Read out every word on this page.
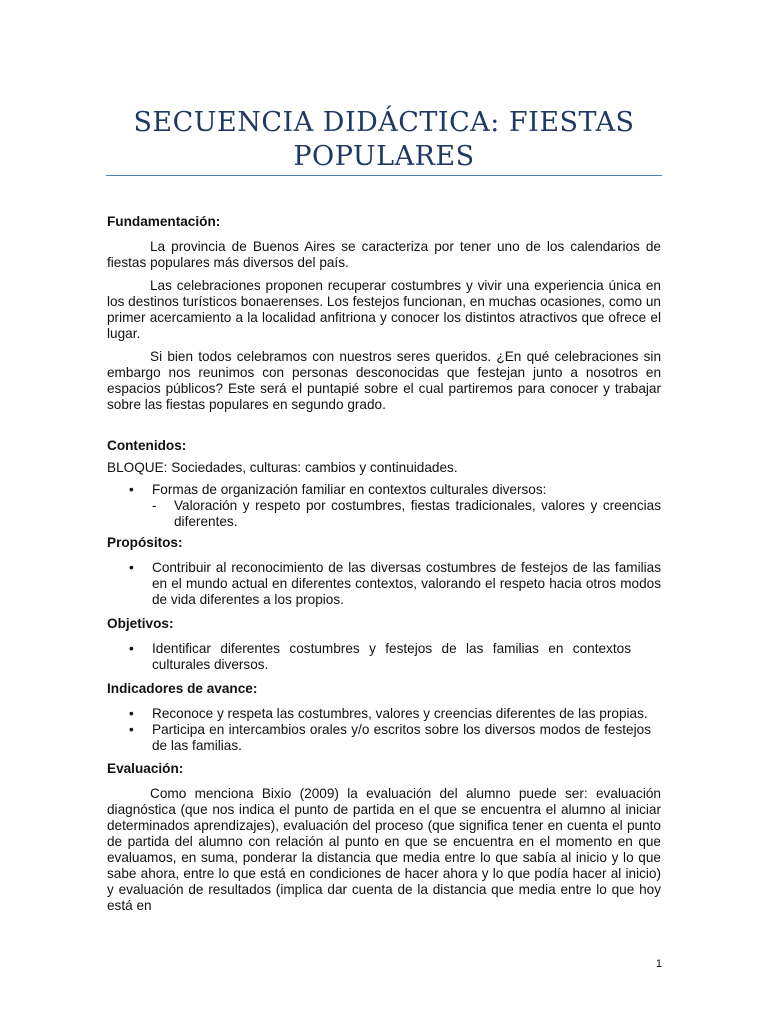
SECUENCIA DIDÁCTICA: FIESTAS POPULARES

Fundamentación:

La provincia de Buenos Aires se caracteriza por tener uno de los calendarios de fiestas populares más diversos del país.

Las celebraciones proponen recuperar costumbres y vivir una experiencia única en los destinos turísticos bonaerenses. Los festejos funcionan, en muchas ocasiones, como un primer acercamiento a la localidad anfitriona y conocer los distintos atractivos que ofrece el lugar.

Si bien todos celebramos con nuestros seres queridos. ¿En qué celebraciones sin embargo nos reunimos con personas desconocidas que festejan junto a nosotros en espacios públicos? Este será el puntapié sobre el cual partiremos para conocer y trabajar sobre las fiestas populares en segundo grado.

Contenidos:

BLOQUE: Sociedades, culturas: cambios y continuidades.

• Formas de organización familiar en contextos culturales diversos:
- Valoración y respeto por costumbres, fiestas tradicionales, valores y creencias diferentes.

Propósitos:

• Contribuir al reconocimiento de las diversas costumbres de festejos de las familias en el mundo actual en diferentes contextos, valorando el respeto hacia otros modos de vida diferentes a los propios.

Objetivos:

• Identificar diferentes costumbres y festejos de las familias en contextos culturales diversos.

Indicadores de avance:

• Reconoce y respeta las costumbres, valores y creencias diferentes de las propias.
• Participa en intercambios orales y/o escritos sobre los diversos modos de festejos de las familias.

Evaluación:

Como menciona Bixio (2009) la evaluación del alumno puede ser: evaluación diagnóstica (que nos indica el punto de partida en el que se encuentra el alumno al iniciar determinados aprendizajes), evaluación del proceso (que significa tener en cuenta el punto de partida del alumno con relación al punto en que se encuentra en el momento en que evaluamos, en suma, ponderar la distancia que media entre lo que sabía al inicio y lo que sabe ahora, entre lo que está en condiciones de hacer ahora y lo que podía hacer al inicio) y evaluación de resultados (implica dar cuenta de la distancia que media entre lo que hoy está en

1
